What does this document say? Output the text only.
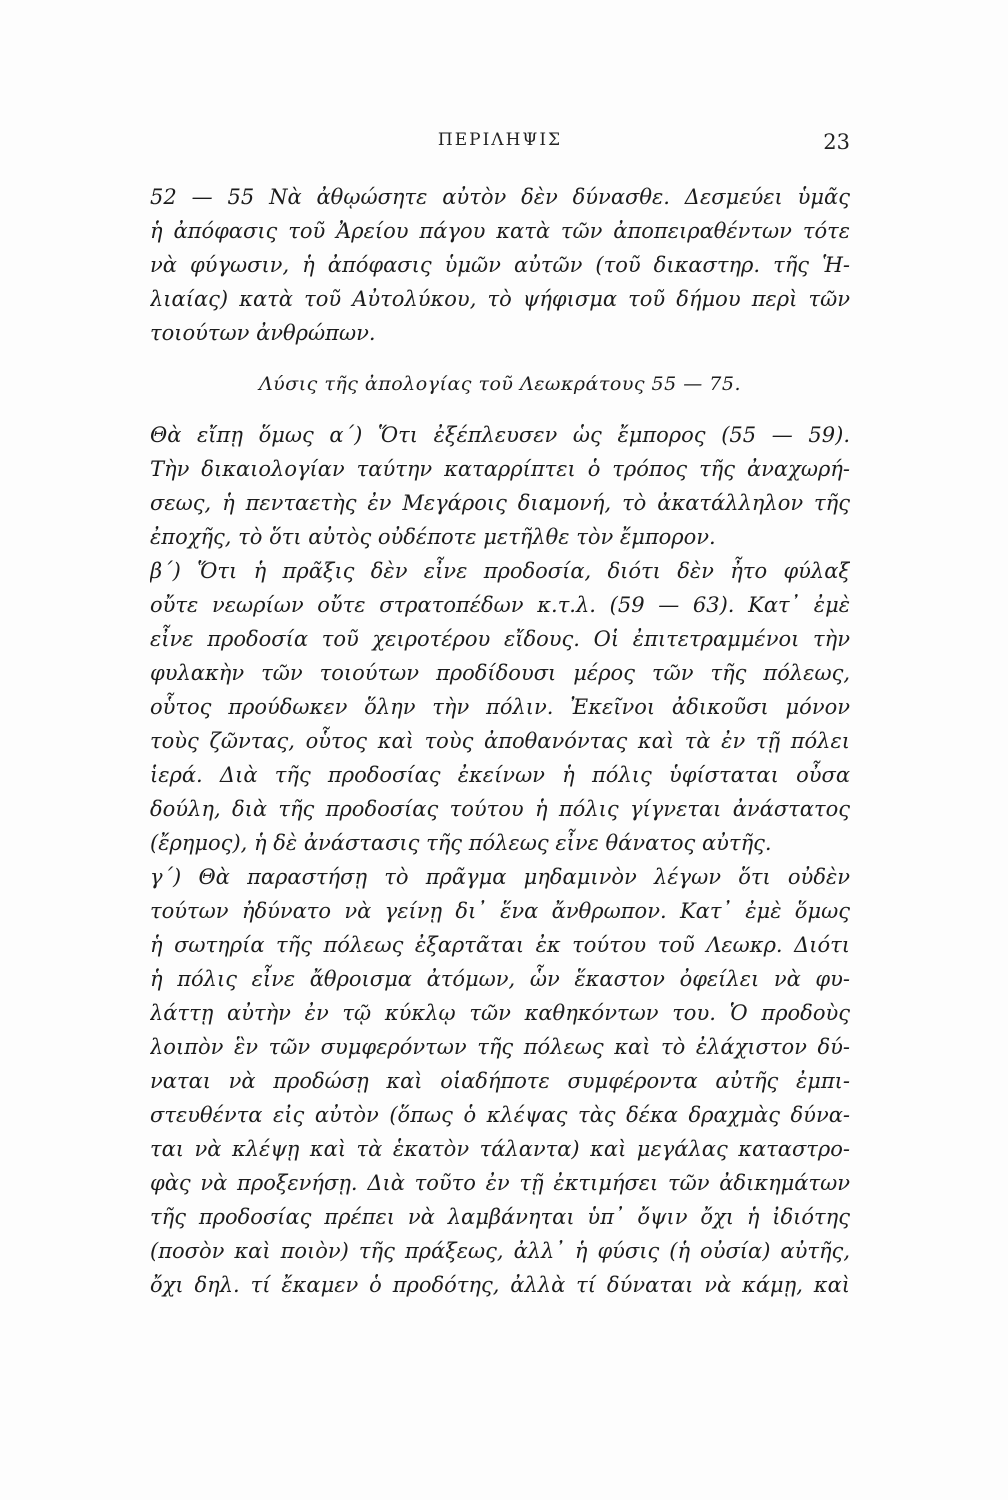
ΠΕΡΙΛΗΨΙΣ	23
52 — 55 Νὰ ἀθῳώσητε αὐτὸν δὲν δύνασθε. Δεσμεύει ὑμᾶς
ἡ ἀπόφασις τοῦ Ἀρείου πάγου κατὰ τῶν ἀποπειραθέντων τότε
νὰ φύγωσιν, ἡ ἀπόφασις ὑμῶν αὐτῶν (τοῦ δικαστηρ. τῆς Ἡ-
λιαίας) κατὰ τοῦ Αὐτολύκου, τὸ ψήφισμα τοῦ δήμου περὶ τῶν
τοιούτων ἀνθρώπων.
Λύσις τῆς ἀπολογίας τοῦ Λεωκράτους 55 — 75.
Θὰ εἴπῃ ὅμως α΄) Ὅτι ἐξέπλευσεν ὡς ἔμπορος (55 — 59).
Τὴν δικαιολογίαν ταύτην καταρρίπτει ὁ τρόπος τῆς ἀναχωρή-
σεως, ἡ πενταετὴς ἐν Μεγάροις διαμονή, τὸ ἀκατάλληλον τῆς
ἐποχῆς, τὸ ὅτι αὐτὸς οὐδέποτε μετῆλθε τὸν ἔμπορον.
β΄) Ὅτι ἡ πρᾶξις δὲν εἶνε προδοσία, διότι δὲν ἦτο φύλαξ
οὔτε νεωρίων οὔτε στρατοπέδων κ.τ.λ. (59 — 63). Κατ᾽ ἐμὲ
εἶνε προδοσία τοῦ χειροτέρου εἴδους. Οἱ ἐπιτετραμμένοι τὴν
φυλακὴν τῶν τοιούτων προδίδουσι μέρος τῶν τῆς πόλεως,
οὗτος προύδωκεν ὅλην τὴν πόλιν. Ἐκεῖνοι ἀδικοῦσι μόνον
τοὺς ζῶντας, οὗτος καὶ τοὺς ἀποθανόντας καὶ τὰ ἐν τῇ πόλει
ἱερά. Διὰ τῆς προδοσίας ἐκείνων ἡ πόλις ὑφίσταται οὖσα
δούλη, διὰ τῆς προδοσίας τούτου ἡ πόλις γίγνεται ἀνάστατος
(ἔρημος), ἡ δὲ ἀνάστασις τῆς πόλεως εἶνε θάνατος αὐτῆς.
γ΄) Θὰ παραστήσῃ τὸ πρᾶγμα μηδαμινὸν λέγων ὅτι οὐδὲν
τούτων ἠδύνατο νὰ γείνῃ δι᾽ ἕνα ἄνθρωπον. Κατ᾽ ἐμὲ ὅμως
ἡ σωτηρία τῆς πόλεως ἐξαρτᾶται ἐκ τούτου τοῦ Λεωκρ. Διότι
ἡ πόλις εἶνε ἄθροισμα ἀτόμων, ὧν ἕκαστον ὀφείλει νὰ φυ-
λάττῃ αὐτὴν ἐν τῷ κύκλῳ τῶν καθηκόντων του. Ὁ προδοὺς
λοιπὸν ἓν τῶν συμφερόντων τῆς πόλεως καὶ τὸ ἐλάχιστον δύ-
ναται νὰ προδώσῃ καὶ οἱαδήποτε συμφέροντα αὐτῆς ἐμπι-
στευθέντα εἰς αὐτὸν (ὅπως ὁ κλέψας τὰς δέκα δραχμὰς δύνα-
ται νὰ κλέψῃ καὶ τὰ ἑκατὸν τάλαντα) καὶ μεγάλας καταστρο-
φὰς νὰ προξενήσῃ. Διὰ τοῦτο ἐν τῇ ἐκτιμήσει τῶν ἀδικημάτων
τῆς προδοσίας πρέπει νὰ λαμβάνηται ὑπ᾽ ὄψιν ὄχι ἡ ἰδιότης
(ποσὸν καὶ ποιὸν) τῆς πράξεως, ἀλλ᾽ ἡ φύσις (ἡ οὐσία) αὐτῆς,
ὄχι δηλ. τί ἔκαμεν ὁ προδότης, ἀλλὰ τί δύναται νὰ κάμῃ, καὶ
